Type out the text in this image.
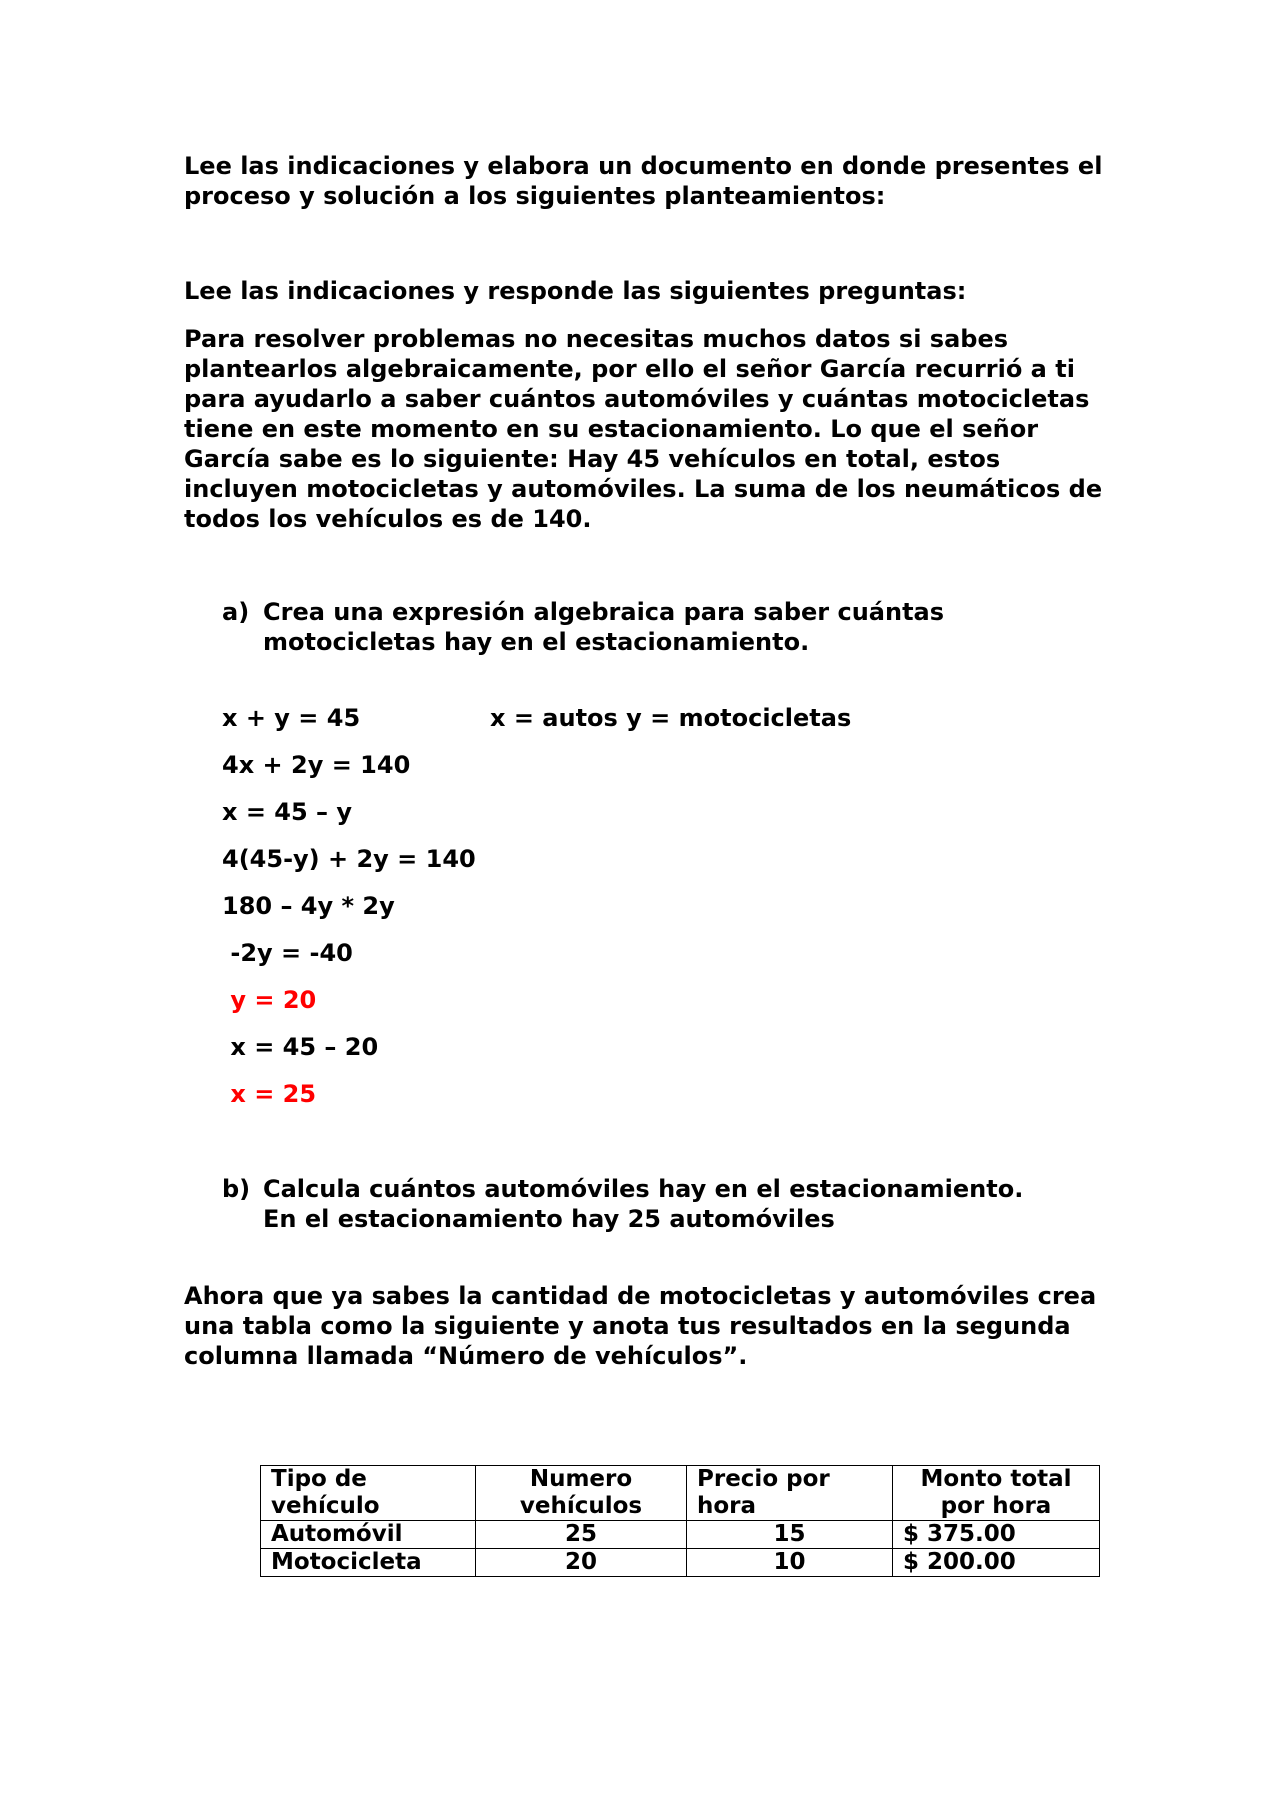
Lee las indicaciones y elabora un documento en donde presentes el proceso y solución a los siguientes planteamientos:

Lee las indicaciones y responde las siguientes preguntas:

Para resolver problemas no necesitas muchos datos si sabes plantearlos algebraicamente, por ello el señor García recurrió a ti para ayudarlo a saber cuántos automóviles y cuántas motocicletas tiene en este momento en su estacionamiento. Lo que el señor García sabe es lo siguiente: Hay 45 vehículos en total, estos incluyen motocicletas y automóviles. La suma de los neumáticos de todos los vehículos es de 140.

a) Crea una expresión algebraica para saber cuántas motocicletas hay en el estacionamiento.
x + y = 45	x = autos y = motocicletas
4x + 2y = 140
x = 45 – y
4(45-y) + 2y = 140
180 – 4y * 2y
-2y = -40
y = 20
x = 45 – 20
x = 25
b) Calcula cuántos automóviles hay en el estacionamiento.
En el estacionamiento hay 25 automóviles

Ahora que ya sabes la cantidad de motocicletas y automóviles crea una tabla como la siguiente y anota tus resultados en la segunda columna llamada “Número de vehículos”.

Tipo de vehículo	Numero vehículos	Precio por hora	Monto total por hora
Automóvil	25	15	$ 375.00
Motocicleta	20	10	$ 200.00
